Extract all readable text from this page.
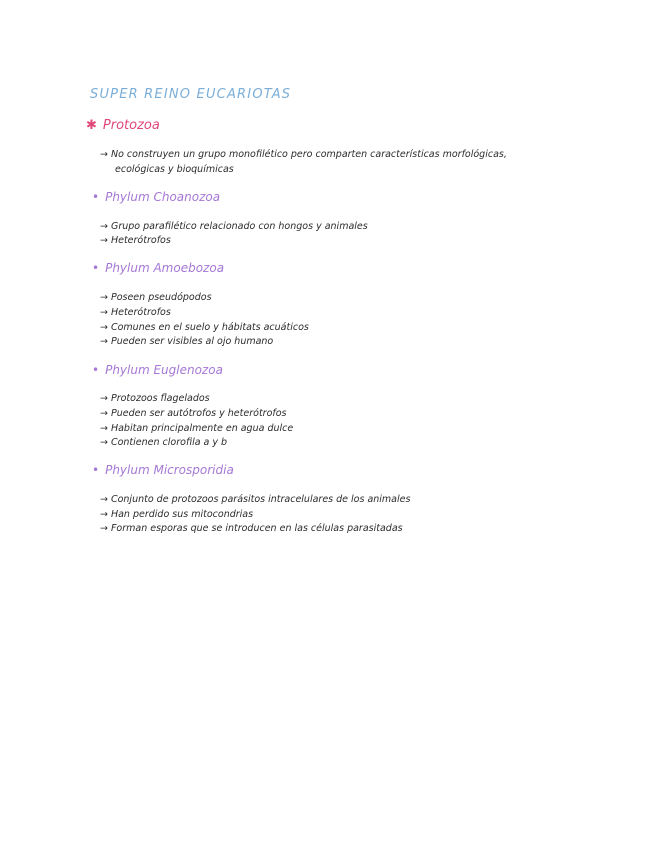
SUPER REINO EUCARIOTAS
✱ Protozoa
→ No construyen un grupo monofilético pero comparten características morfológicas,
ecológicas y bioquímicas
• Phylum Choanozoa
→ Grupo parafilético relacionado con hongos y animales
→ Heterótrofos
• Phylum Amoebozoa
→ Poseen pseudópodos
→ Heterótrofos
→ Comunes en el suelo y hábitats acuáticos
→ Pueden ser visibles al ojo humano
• Phylum Euglenozoa
→ Protozoos flagelados
→ Pueden ser autótrofos y heterótrofos
→ Habitan principalmente en agua dulce
→ Contienen clorofila a y b
• Phylum Microsporidia
→ Conjunto de protozoos parásitos intracelulares de los animales
→ Han perdido sus mitocondrias
→ Forman esporas que se introducen en las células parasitadas
